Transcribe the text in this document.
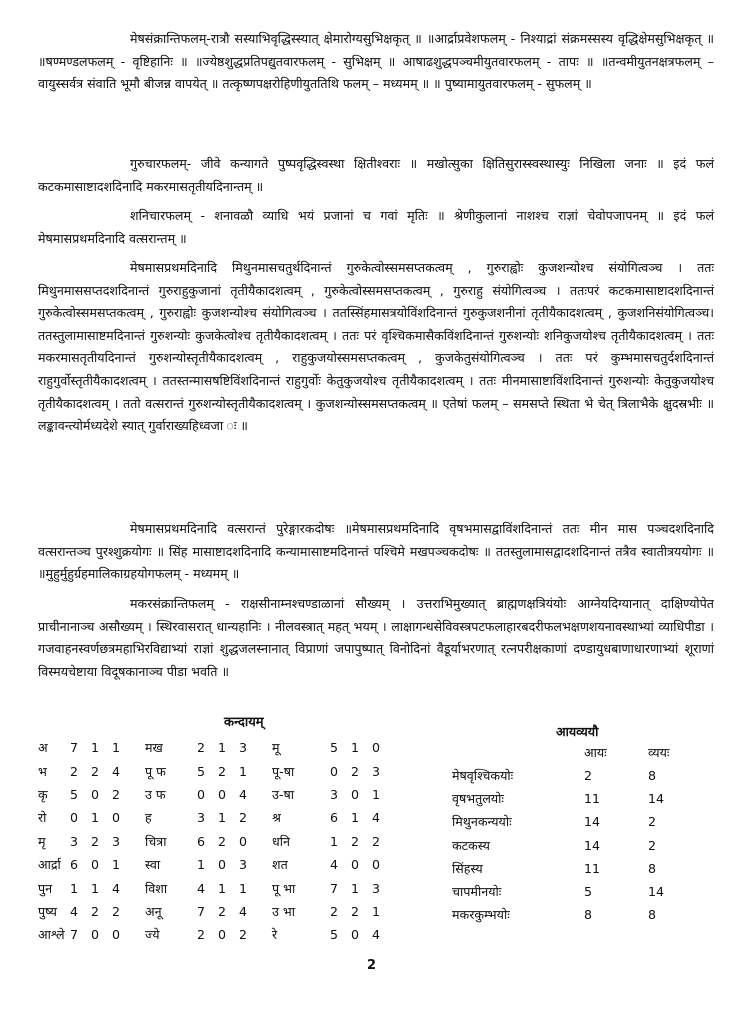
मेषसंक्रान्तिफलम्-रात्रौ सस्याभिवृद्धिस्स्यात् क्षेमारोग्यसुभिक्षकृत् ॥ ॥आर्द्राप्रवेशफलम् - निश्याद्रां संक्रमस्सस्य वृद्धिक्षेमसुभिक्षकृत् ॥ ॥षण्मण्डलफलम् - वृष्टिहानिः ॥ ॥ज्येष्ठशुद्धप्रतिपद्युतवारफलम् - सुभिक्षम् ॥ आषाढशुद्धपञ्चमीयुतवारफलम् - तापः ॥ ॥तन्वमीयुतनक्षत्रफलम् – वायुस्सर्वत्र संवाति भूमौ बीजन्न वापयेत् ॥ तत्कृष्णपक्षरोहिणीयुततिथि फलम् – मध्यमम् ॥ ॥ पुष्यामायुतवारफलम् - सुफलम् ॥

गुरुचारफलम्- जीवे कन्यागते पुष्पवृद्धिस्वस्था क्षितीश्वराः ॥ मखोत्सुका क्षितिसुरास्स्वस्थास्युः निखिला जनाः ॥ इदं फलं कटकमासाष्टादशदिनादि मकरमासतृतीयदिनान्तम् ॥

शनिचारफलम् - शनावळौ व्याधि भयं प्रजानां च गवां मृतिः ॥ श्रेणीकुलानां नाशश्च राज्ञां चेवोपजापनम् ॥ इदं फलं मेषमासप्रथमदिनादि वत्सरान्तम् ॥

मेषमासप्रथमदिनादि मिथुनमासचतुर्थदिनान्तं गुरुकेत्वोस्समसप्तकत्वम् , गुरुराह्वोः कुजशन्योश्च संयोगित्वञ्च । ततः मिथुनमाससप्तदशदिनान्तं गुरुराहुकुजानां तृतीयैकादशत्वम् , गुरुकेत्वोस्समसप्तकत्वम् , गुरुराहु संयोगित्वञ्च । ततःपरं कटकमासाष्टादशदिनान्तं गुरुकेत्वोस्समसप्तकत्वम् , गुरुराह्वोः कुजशन्योश्च संयोगित्वञ्च । ततस्सिंहमासत्रयोविंशदिनान्तं गुरुकुजशनीनां तृतीयैकादशत्वम् , कुजशनिसंयोगित्वञ्च। ततस्तुलामासाष्टमदिनान्तं गुरुशन्योः कुजकेत्वोश्च तृतीयैकादशत्वम् । ततः परं वृश्चिकमासैकविंशदिनान्तं गुरुशन्योः शनिकुजयोश्च तृतीयैकादशत्वम् । ततः मकरमासतृतीयदिनान्तं गुरुशन्योस्तृतीयैकादशत्वम् , राहुकुजयोस्समसप्तकत्वम् , कुजकेतुसंयोगित्वञ्च । ततः परं कुम्भमासचतुर्दशदिनान्तं राहुगुर्वोस्तृतीयैकादशत्वम् । ततस्तन्मासषष्टिविंशदिनान्तं राहुगुर्वोः केतुकुजयोश्च तृतीयैकादशत्वम् । ततः मीनमासाष्टाविंशदिनान्तं गुरुशन्योः केतुकुजयोश्च तृतीयैकादशत्वम् । ततो वत्सरान्तं गुरुशन्योस्तृतीयैकादशत्वम् । कुजशन्योस्समसप्तकत्वम् ॥ एतेषां फलम् – समसप्ते स्थिता भे चेत् त्रिलाभैके क्षुदस्रभीः ॥ लङ्कावन्त्योर्मध्यदेशे स्यात् गुर्वाराख्यहिध्वजा ः ॥

मेषमासप्रथमदिनादि वत्सरान्तं पुरेङ्गारकदोषः ॥मेषमासप्रथमदिनादि वृषभमासद्वाविंशदिनान्तं ततः मीन मास पञ्चदशदिनादि वत्सरान्तञ्च पुरश्शुक्रयोगः ॥ सिंह मासाष्टादशदिनादि कन्यामासाष्टमदिनान्तं पश्चिमे मखपञ्चकदोषः ॥ ततस्तुलामासद्वादशदिनान्तं तत्रैव स्वातीत्रययोगः ॥ ॥मुहुर्मुहुर्ग्रहमालिकाग्रहयोगफलम् - मध्यमम् ॥

मकरसंक्रान्तिफलम् - राक्षसीनाम्नश्चण्डाळानां सौख्यम् । उत्तराभिमुख्यात् ब्राह्मणक्षत्रियंयोः आग्नेयदिग्यानात् दाक्षिण्योपेत प्राचीनानाञ्च असौख्यम् । स्थिरवासरात् धान्यहानिः । नीलवस्त्रात् महत् भयम् । लाक्षागन्धसेविवस्त्रपटफलाहारबदरीफलभक्षणशयनावस्थाभ्यां व्याधिपीडा । गजवाहनस्वर्णछत्रमहाभिरविद्याभ्यां राज्ञां शुद्धजलस्नानात् विप्राणां जपापुष्पात् विनोदिनां वैडूर्याभरणात् रत्नपरीक्षकाणां दण्डायुधबाणाधारणाभ्यां शूराणां विस्मयचेष्टाया विदूषकानाञ्च पीडा भवति ॥

कन्दायम्
अ	7	1	1	मख	2	1	3	मू	5	1	0
भ	2	2	4	पू फ	5	2	1	पू-षा	0	2	3
कृ	5	0	2	उ फ	0	0	4	उ-षा	3	0	1
रो	0	1	0	ह	3	1	2	श्र	6	1	4
मृ	3	2	3	चित्रा	6	2	0	धनि	1	2	2
आर्द्रा	6	0	1	स्वा	1	0	3	शत	4	0	0
पुन	1	1	4	विशा	4	1	1	पू भा	7	1	3
पुष्य	4	2	2	अनू	7	2	4	उ भा	2	2	1
आश्ले	7	0	0	ज्ये	2	0	2	रे	5	0	4
आयव्ययौ
आयः	व्ययः
मेषवृश्चिकयोः	2	8
वृषभतुलयोः	11	14
मिथुनकन्ययोः	14	2
कटकस्य	14	2
सिंहस्य	11	8
चापमीनयोः	5	14
मकरकुम्भयोः	8	8
2
